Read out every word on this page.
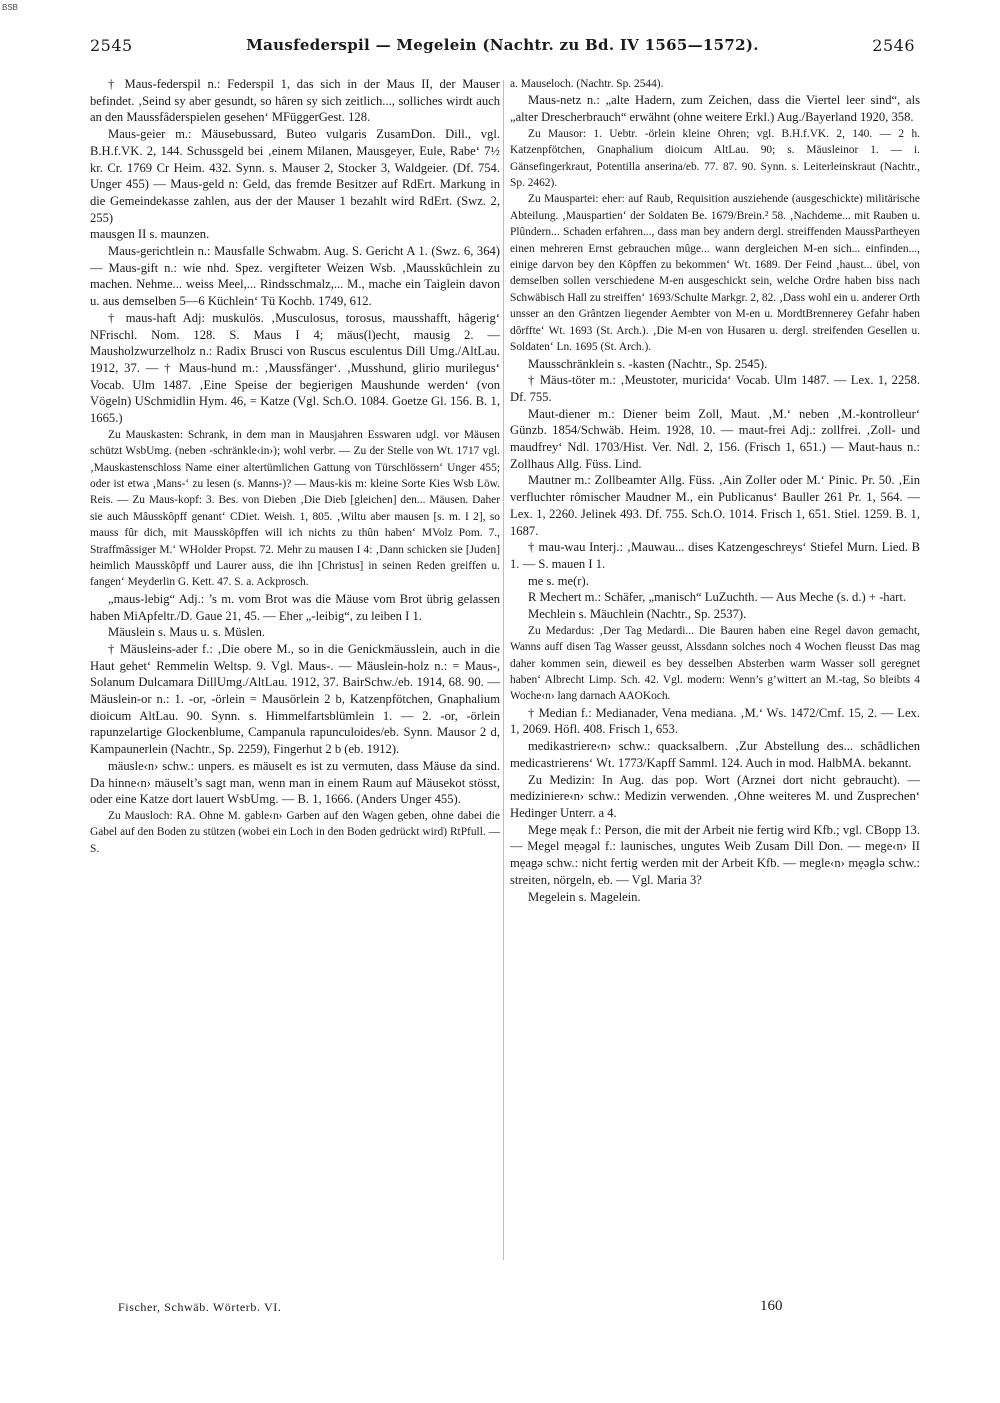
BSB
2545	Mausfederspil — Megelein (Nachtr. zu Bd. IV 1565—1572).	2546

† Maus-federspil n.: Federspil 1, das sich in der Maus II, der Mauser befindet. ‚Seind sy aber gesundt, so hâren sy sich zeitlich..., solliches wirdt auch an den Maussfâderspielen gesehen‘ MFüggerGest. 128.

Maus-geier m.: Mäusebussard, Buteo vulgaris ZusamDon. Dill., vgl. B.H.f.VK. 2, 144. Schussgeld bei ‚einem Milanen, Mausgeyer, Eule, Rabe‘ 7½ kr. Cr. 1769 Cr Heim. 432. Synn. s. Mauser 2, Stocker 3, Waldgeier. (Df. 754. Unger 455) — Maus-geld n: Geld, das fremde Besitzer auf RdErt. Markung in die Gemeindekasse zahlen, aus der der Mauser 1 bezahlt wird RdErt. (Swz. 2, 255)

mausgen II s. maunzen.

Maus-gerichtlein n.: Mausfalle Schwabm. Aug. S. Gericht A 1. (Swz. 6, 364) — Maus-gift n.: wie nhd. Spez. vergifteter Weizen Wsb. ‚Mausskûchlein zu machen. Nehme... weiss Meel,... Rindsschmalz,... M., mache ein Taiglein davon u. aus demselben 5—6 Küchlein‘ Tü Kochb. 1749, 612.

† maus-haft Adj: muskulös. ‚Musculosus, torosus, mausshafft, hâgerig‘ NFrischl. Nom. 128. S. Maus I 4; mäus(l)echt, mausig 2. — Mausholzwurzelholz n.: Radix Brusci von Ruscus esculentus Dill Umg./AltLau. 1912, 37. — † Maus-hund m.: ‚Maussfänger‘. ‚Musshund, glirio murilegus‘ Vocab. Ulm 1487. ‚Eine Speise der begierigen Maushunde werden‘ (von Vögeln) USchmidlin Hym. 46, = Katze (Vgl. Sch.O. 1084. Goetze Gl. 156. B. 1, 1665.)

Zu Mauskasten: Schrank, in dem man in Mausjahren Esswaren udgl. vor Mäusen schützt WsbUmg. (neben -schränkle‹in›); wohl verbr. — Zu der Stelle von Wt. 1717 vgl. ‚Mauskastenschloss Name einer altertümlichen Gattung von Türschlössern‘ Unger 455; oder ist etwa ‚Mans-‘ zu lesen (s. Manns-)? — Maus-kis m: kleine Sorte Kies Wsb Löw. Reis. — Zu Maus-kopf: 3. Bes. von Dieben ‚Die Dieb [gleichen] den... Mäusen. Daher sie auch Mâusskôpff genant‘ CDiet. Weish. 1, 805. ‚Wiltu aber mausen [s. m. I 2], so mauss fûr dich, mit Mausskôpffen will ich nichts zu thûn haben‘ MVolz Pom. 7., Straffmâssiger M.‘ WHolder Propst. 72. Mehr zu mausen I 4: ‚Dann schicken sie [Juden] heimlich Mausskôpff und Laurer auss, die ihn [Christus] in seinen Reden greiffen u. fangen‘ Meyderlin G. Kett. 47. S. a. Ackprosch.

„maus-lebig“ Adj.: ’s m. vom Brot was die Mäuse vom Brot übrig gelassen haben MiApfeltr./D. Gaue 21, 45. — Eher „-leibig“, zu leiben I 1.

Mäuslein s. Maus u. s. Müslen.

† Mäusleins-ader f.: ‚Die obere M., so in die Genickmäusslein, auch in die Haut gehet‘ Remmelin Weltsp. 9. Vgl. Maus-. — Mäuslein-holz n.: = Maus-, Solanum Dulcamara DillUmg./AltLau. 1912, 37. BairSchw./eb. 1914, 68. 90. — Mäuslein-or n.: 1. -or, -örlein = Mausörlein 2 b, Katzenpfötchen, Gnaphalium dioicum AltLau. 90. Synn. s. Himmelfartsblümlein 1. — 2. -or, -örlein rapunzelartige Glockenblume, Campanula rapunculoides/eb. Synn. Mausor 2 d, Kampaunerlein (Nachtr., Sp. 2259), Fingerhut 2 b (eb. 1912).

mäusle‹n› schw.: unpers. es mäuselt es ist zu vermuten, dass Mäuse da sind. Da hinne‹n› mäuselt’s sagt man, wenn man in einem Raum auf Mäusekot stösst, oder eine Katze dort lauert WsbUmg. — B. 1, 1666. (Anders Unger 455).

Zu Mausloch: RA. Ohne M. gable‹n› Garben auf den Wagen geben, ohne dabei die Gabel auf den Boden zu stützen (wobei ein Loch in den Boden gedrückt wird) RtPfull. — S.

a. Mauseloch. (Nachtr. Sp. 2544).

Maus-netz n.: „alte Hadern, zum Zeichen, dass die Viertel leer sind“, als „alter Drescherbrauch“ erwähnt (ohne weitere Erkl.) Aug./Bayerland 1920, 358.

Zu Mausor: 1. Uebtr. -örlein kleine Ohren; vgl. B.H.f.VK. 2, 140. — 2 h. Katzenpfötchen, Gnaphalium dioicum AltLau. 90; s. Mäusleinor 1. — i. Gänsefingerkraut, Potentilla anserina/eb. 77. 87. 90. Synn. s. Leiterleinskraut (Nachtr., Sp. 2462).

Zu Mauspartei: eher: auf Raub, Requisition ausziehende (ausgeschickte) militärische Abteilung. ‚Mauspartien‘ der Soldaten Be. 1679/Brein.² 58. ‚Nachdeme... mit Rauben u. Plûndern... Schaden erfahren..., dass man bey andern dergl. streiffenden MaussPartheyen einen mehreren Ernst gebrauchen mûge... wann dergleichen M-en sich... einfinden..., einige darvon bey den Kôpffen zu bekommen‘ Wt. 1689. Der Feind ‚haust... übel, von demselben sollen verschiedene M-en ausgeschickt sein, welche Ordre haben biss nach Schwäbisch Hall zu streiffen‘ 1693/Schulte Markgr. 2, 82. ‚Dass wohl ein u. anderer Orth unsser an den Grântzen liegender Aembter von M-en u. MordtBrennerey Gefahr haben dôrffte‘ Wt. 1693 (St. Arch.). ‚Die M-en von Husaren u. dergl. streifenden Gesellen u. Soldaten‘ Ln. 1695 (St. Arch.).

Mausschränklein s. -kasten (Nachtr., Sp. 2545).

† Mäus-töter m.: ‚Meustoter, muricida‘ Vocab. Ulm 1487. — Lex. 1, 2258. Df. 755.

Maut-diener m.: Diener beim Zoll, Maut. ‚M.‘ neben ‚M.-kontrolleur‘ Günzb. 1854/Schwäb. Heim. 1928, 10. — maut-frei Adj.: zollfrei. ‚Zoll- und maudfrey‘ Ndl. 1703/Hist. Ver. Ndl. 2, 156. (Frisch 1, 651.) — Maut-haus n.: Zollhaus Allg. Füss. Lind.

Mautner m.: Zollbeamter Allg. Füss. ‚Ain Zoller oder M.‘ Pinic. Pr. 50. ‚Ein verfluchter rômischer Maudner M., ein Publicanus‘ Bauller 261 Pr. 1, 564. — Lex. 1, 2260. Jelinek 493. Df. 755. Sch.O. 1014. Frisch 1, 651. Stiel. 1259. B. 1, 1687.

† mau-wau Interj.: ‚Mauwau... dises Katzengeschreys‘ Stiefel Murn. Lied. B 1. — S. mauen I 1.

me s. me(r).

R Mechert m.: Schäfer, „manisch“ LuZuchth. — Aus Meche (s. d.) + -hart.

Mechlein s. Mäuchlein (Nachtr., Sp. 2537).

Zu Medardus: ‚Der Tag Medardi... Die Bauren haben eine Regel davon gemacht, Wanns auff disen Tag Wasser geusst, Alssdann solches noch 4 Wochen fleusst Das mag daher kommen sein, dieweil es bey desselben Absterben warm Wasser soll geregnet haben‘ Albrecht Limp. Sch. 42. Vgl. modern: Wenn’s g’wittert an M.-tag, So bleibts 4 Woche‹n› lang darnach AAOKoch.

† Median f.: Medianader, Vena mediana. ‚M.‘ Ws. 1472/Cmf. 15, 2. — Lex. 1, 2069. Höfl. 408. Frisch 1, 653.

medikastriere‹n› schw.: quacksalbern. ‚Zur Abstellung des... schâdlichen medicastrierens‘ Wt. 1773/Kapff Samml. 124. Auch in mod. HalbMA. bekannt.

Zu Medizin: In Aug. das pop. Wort (Arznei dort nicht gebraucht). — mediziniere‹n› schw.: Medizin verwenden. ‚Ohne weiteres M. und Zusprechen‘ Hedinger Unterr. a 4.

Mege mẹak f.: Person, die mit der Arbeit nie fertig wird Kfb.; vgl. CBopp 13. — Megel mẹəgəl f.: launisches, ungutes Weib Zusam Dill Don. — mege‹n› II mẹagə schw.: nicht fertig werden mit der Arbeit Kfb. — megle‹n› mẹəglə schw.: streiten, nörgeln, eb. — Vgl. Maria 3?

Megelein s. Magelein.

Fischer, Schwäb. Wörterb. VI.	160
